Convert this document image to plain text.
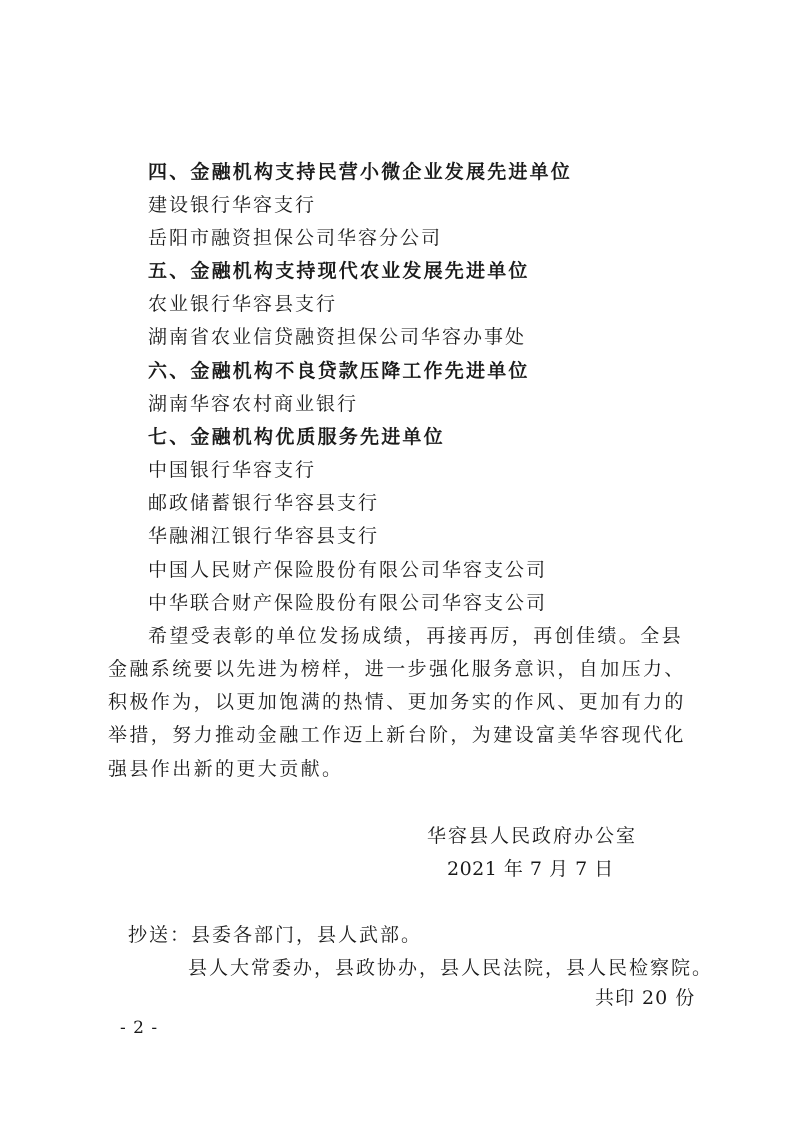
四、金融机构支持民营小微企业发展先进单位
建设银行华容支行
岳阳市融资担保公司华容分公司
五、金融机构支持现代农业发展先进单位
农业银行华容县支行
湖南省农业信贷融资担保公司华容办事处
六、金融机构不良贷款压降工作先进单位
湖南华容农村商业银行
七、金融机构优质服务先进单位
中国银行华容支行
邮政储蓄银行华容县支行
华融湘江银行华容县支行
中国人民财产保险股份有限公司华容支公司
中华联合财产保险股份有限公司华容支公司
希望受表彰的单位发扬成绩，再接再厉，再创佳绩。全县
金融系统要以先进为榜样，进一步强化服务意识，自加压力、
积极作为，以更加饱满的热情、更加务实的作风、更加有力的
举措，努力推动金融工作迈上新台阶，为建设富美华容现代化
强县作出新的更大贡献。
华容县人民政府办公室
2021 年 7 月 7 日
抄送：县委各部门，县人武部。
县人大常委办，县政协办，县人民法院，县人民检察院。
共印 20 份
- 2 -
